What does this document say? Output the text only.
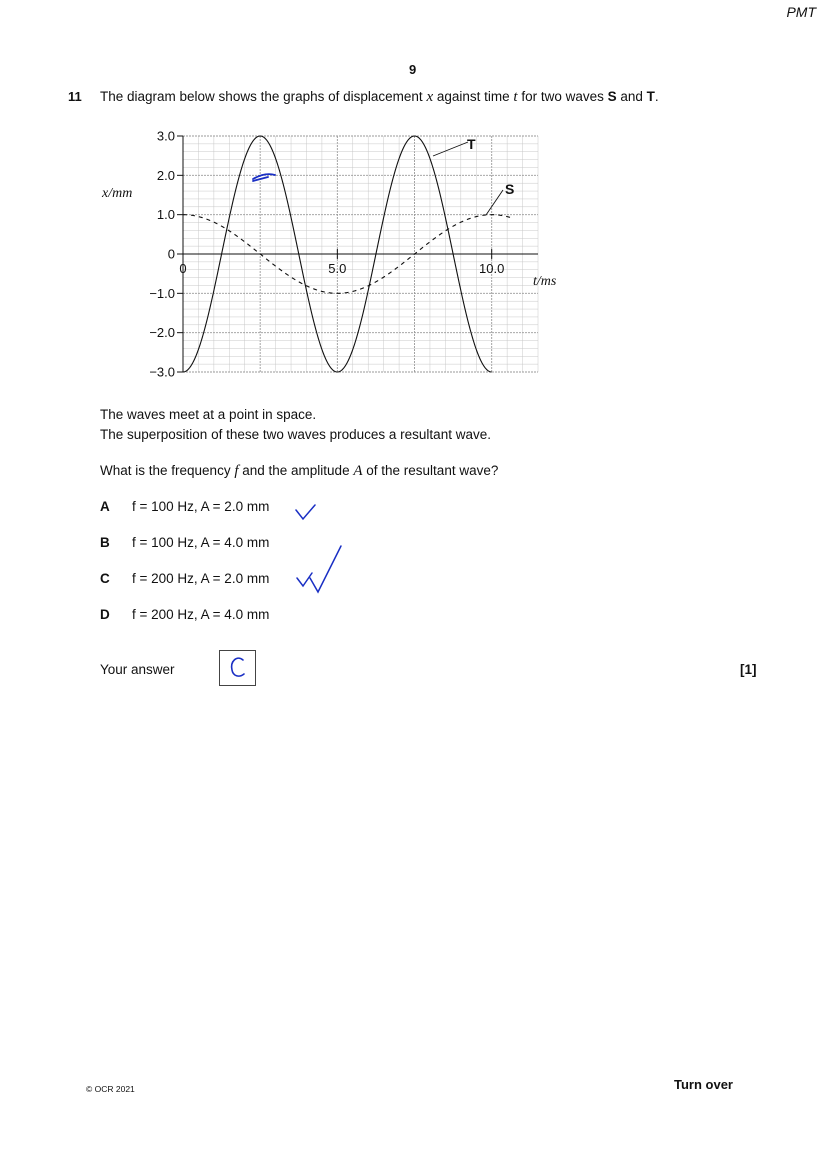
PMT
9
11 The diagram below shows the graphs of displacement x against time t for two waves S and T.
3.0
2.0
1.0
0
−1.0
−2.0
−3.0
0	5.0	10.0
x/mm
t/ms
T
S
The waves meet at a point in space.
The superposition of these two waves produces a resultant wave.
What is the frequency f and the amplitude A of the resultant wave?
A f = 100 Hz, A = 2.0 mm
B f = 100 Hz, A = 4.0 mm
C f = 200 Hz, A = 2.0 mm
D f = 200 Hz, A = 4.0 mm
Your answer	[1]
© OCR 2021	Turn over
